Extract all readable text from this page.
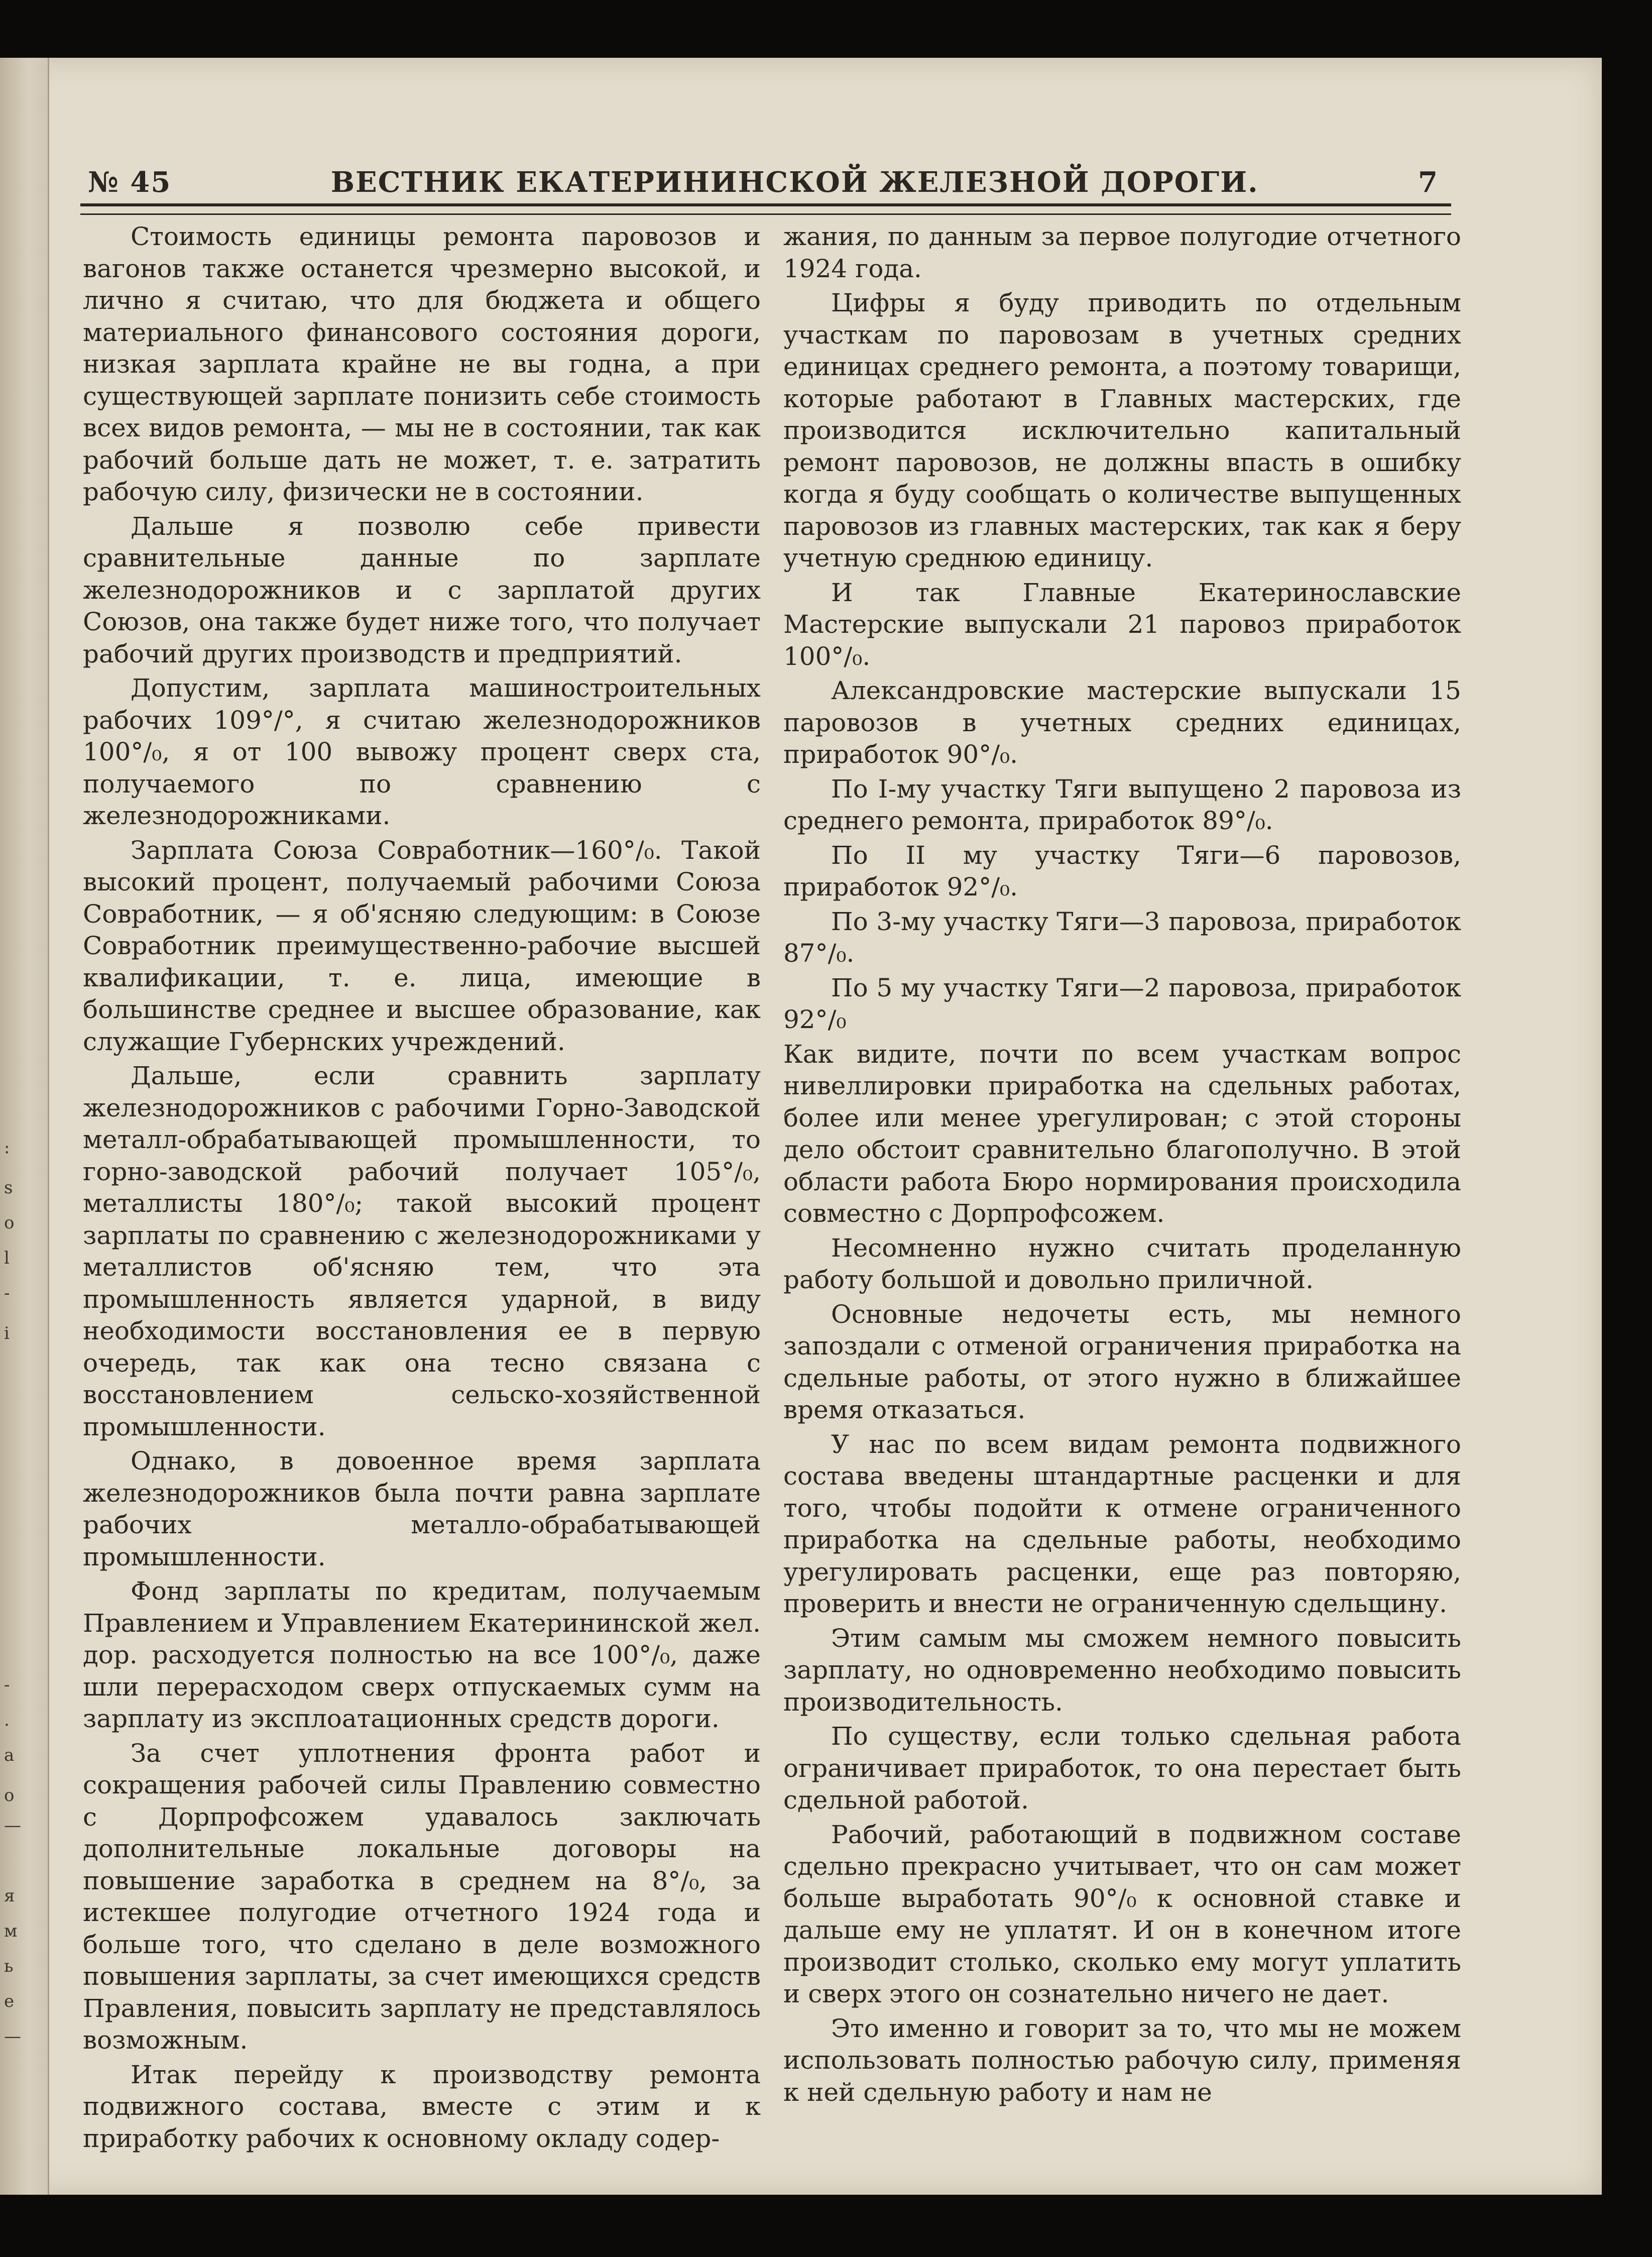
:
s
o
l
-
i
-
.
a
o
—
я
м
ь
e
—
№ 45	ВЕСТНИК ЕКАТЕРИНИНСКОЙ ЖЕЛЕЗНОЙ ДОРОГИ.	7

Стоимость единицы ремонта паровозов и вагонов также останется чрезмерно высокой, и лично я считаю, что для бюджета и общего материального финансового состояния дороги, низкая зарплата крайне не вы годна, а при существующей зарплате понизить себе стоимость всех видов ремонта, — мы не в состоянии, так как рабочий больше дать не может, т. е. затратить рабочую силу, физически не в состоянии.

Дальше я позволю себе привести сравнительные данные по зарплате железнодорожников и с зарплатой других Союзов, она также будет ниже того, что получает рабочий других производств и предприятий.

Допустим, зарплата машиностроительных рабочих 109°/°, я считаю железнодорожников 100°/₀, я от 100 вывожу процент сверх ста, получаемого по сравнению с железнодорожниками.

Зарплата Союза Совработник—160°/₀. Такой высокий процент, получаемый рабочими Союза Совработник, — я об'ясняю следующим: в Союзе Совработник преимущественно-рабочие высшей квалификации, т. е. лица, имеющие в большинстве среднее и высшее образование, как служащие Губернских учреждений.

Дальше, если сравнить зарплату железнодорожников с рабочими Горно-Заводской металл-обрабатывающей промышленности, то горно-заводской рабочий получает 105°/₀, металлисты 180°/₀; такой высокий процент зарплаты по сравнению с железнодорожниками у металлистов об'ясняю тем, что эта промышленность является ударной, в виду необходимости восстановления ее в первую очередь, так как она тесно связана с восстановлением сельско-хозяйственной промышленности.

Однако, в довоенное время зарплата железнодорожников была почти равна зарплате рабочих металло-обрабатывающей промышленности.

Фонд зарплаты по кредитам, получаемым Правлением и Управлением Екатерининской жел. дор. расходуется полностью на все 100°/₀, даже шли перерасходом сверх отпускаемых сумм на зарплату из эксплоатационных средств дороги.

За счет уплотнения фронта работ и сокращения рабочей силы Правлению совместно с Дорпрофсожем удавалось заключать дополнительные локальные договоры на повышение заработка в среднем на 8°/₀, за истекшее полугодие отчетного 1924 года и больше того, что сделано в деле возможного повышения зарплаты, за счет имеющихся средств Правления, повысить зарплату не представлялось возможным.

Итак перейду к производству ремонта подвижного состава, вместе с этим и к приработку рабочих к основному окладу содер-

жания, по данным за первое полугодие отчетного 1924 года.

Цифры я буду приводить по отдельным участкам по паровозам в учетных средних единицах среднего ремонта, а поэтому товарищи, которые работают в Главных мастерских, где производится исключительно капитальный ремонт паровозов, не должны впасть в ошибку когда я буду сообщать о количестве выпущенных паровозов из главных мастерских, так как я беру учетную среднюю единицу.

И так Главные Екатеринославские Мастерские выпускали 21 паровоз приработок 100°/₀.

Александровские мастерские выпускали 15 паровозов в учетных средних единицах, приработок 90°/₀.

По I-му участку Тяги выпущено 2 паровоза из среднего ремонта, приработок 89°/₀.

По II му участку Тяги—6 паровозов, приработок 92°/₀.

По 3-му участку Тяги—3 паровоза, приработок 87°/₀.

По 5 му участку Тяги—2 паровоза, приработок 92°/₀

Как видите, почти по всем участкам вопрос нивеллировки приработка на сдельных работах, более или менее урегулирован; с этой стороны дело обстоит сравнительно благополучно. В этой области работа Бюро нормирования происходила совместно с Дорпрофсожем.

Несомненно нужно считать проделанную работу большой и довольно приличной.

Основные недочеты есть, мы немного запоздали с отменой ограничения приработка на сдельные работы, от этого нужно в ближайшее время отказаться.

У нас по всем видам ремонта подвижного состава введены штандартные расценки и для того, чтобы подойти к отмене ограниченного приработка на сдельные работы, необходимо урегулировать расценки, еще раз повторяю, проверить и внести не ограниченную сдельщину.

Этим самым мы сможем немного повысить зарплату, но одновременно необходимо повысить производительность.

По существу, если только сдельная работа ограничивает приработок, то она перестает быть сдельной работой.

Рабочий, работающий в подвижном составе сдельно прекрасно учитывает, что он сам может больше выработать 90°/₀ к основной ставке и дальше ему не уплатят. И он в конечном итоге производит столько, сколько ему могут уплатить и сверх этого он сознательно ничего не дает.

Это именно и говорит за то, что мы не можем использовать полностью рабочую силу, применяя к ней сдельную работу и нам не
